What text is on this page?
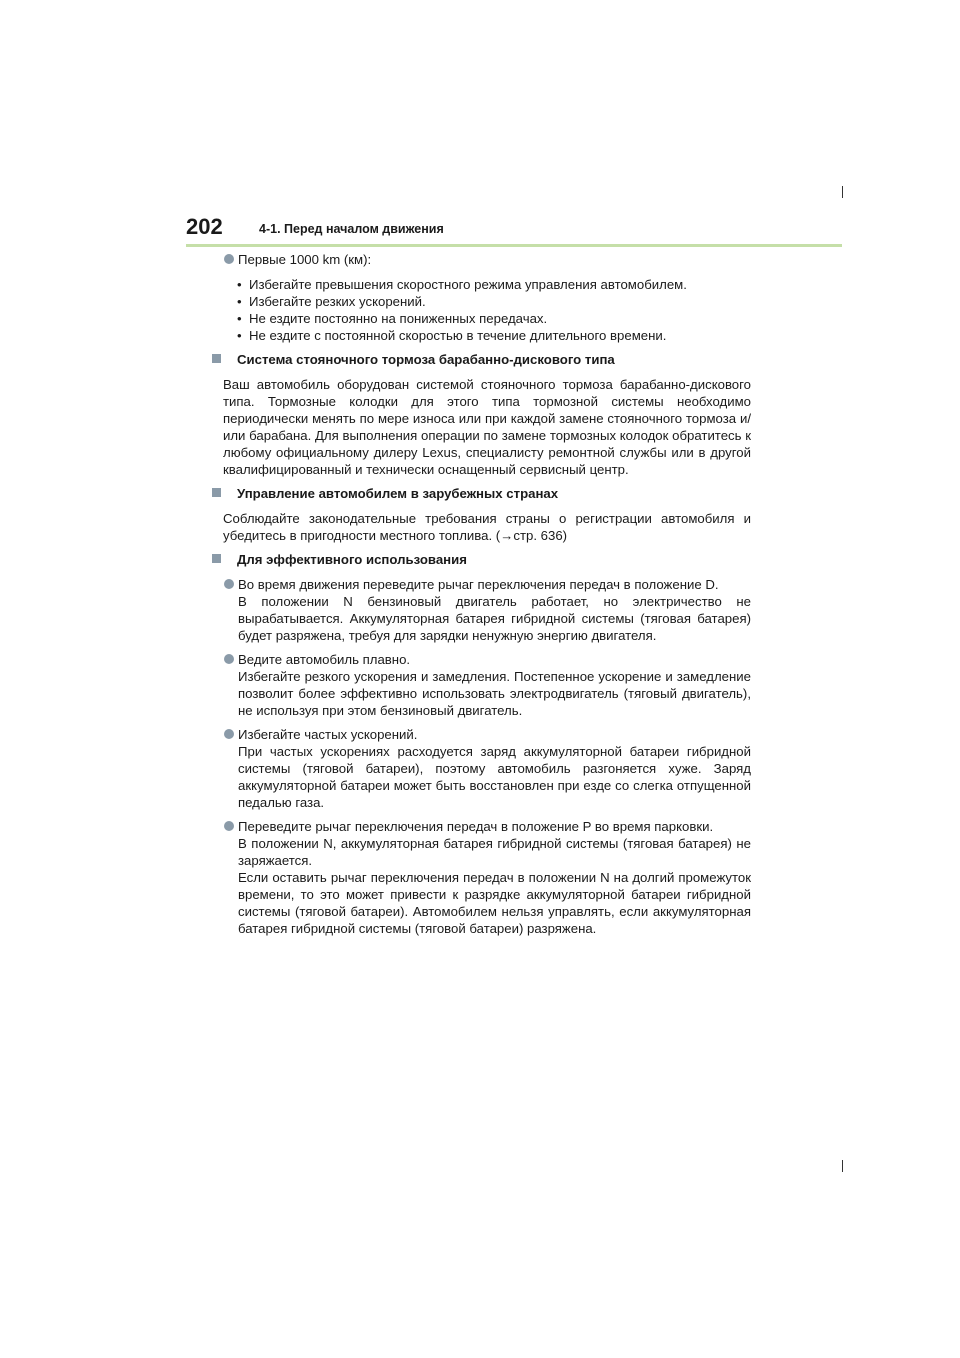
202	4-1. Перед началом движения
Первые 1000 km (км):
• Избегайте превышения скоростного режима управления автомобилем.
• Избегайте резких ускорений.
• Не ездите постоянно на пониженных передачах.
• Не ездите с постоянной скоростью в течение длительного времени.
Система стояночного тормоза барабанно-дискового типа
Ваш автомобиль оборудован системой стояночного тормоза барабанно-дискового типа. Тормозные колодки для этого типа тормозной системы необходимо периодически менять по мере износа или при каждой замене стояночного тормоза и/или барабана. Для выполнения операции по замене тормозных колодок обратитесь к любому официальному дилеру Lexus, специалисту ремонтной службы или в другой квалифицированный и технически оснащенный сервисный центр.
Управление автомобилем в зарубежных странах
Соблюдайте законодательные требования страны о регистрации автомобиля и убедитесь в пригодности местного топлива. (→стр. 636)
Для эффективного использования
Во время движения переведите рычаг переключения передач в положение D.
В положении N бензиновый двигатель работает, но электричество не вырабатывается. Аккумуляторная батарея гибридной системы (тяговая батарея) будет разряжена, требуя для зарядки ненужную энергию двигателя.
Ведите автомобиль плавно.
Избегайте резкого ускорения и замедления. Постепенное ускорение и замедление позволит более эффективно использовать электродвигатель (тяговый двигатель), не используя при этом бензиновый двигатель.
Избегайте частых ускорений.
При частых ускорениях расходуется заряд аккумуляторной батареи гибридной системы (тяговой батареи), поэтому автомобиль разгоняется хуже. Заряд аккумуляторной батареи может быть восстановлен при езде со слегка отпущенной педалью газа.
Переведите рычаг переключения передач в положение P во время парковки.
В положении N, аккумуляторная батарея гибридной системы (тяговая батарея) не заряжается.
Если оставить рычаг переключения передач в положении N на долгий промежуток времени, то это может привести к разрядке аккумуляторной батареи гибридной системы (тяговой батареи). Автомобилем нельзя управлять, если аккумуляторная батарея гибридной системы (тяговой батареи) разряжена.
